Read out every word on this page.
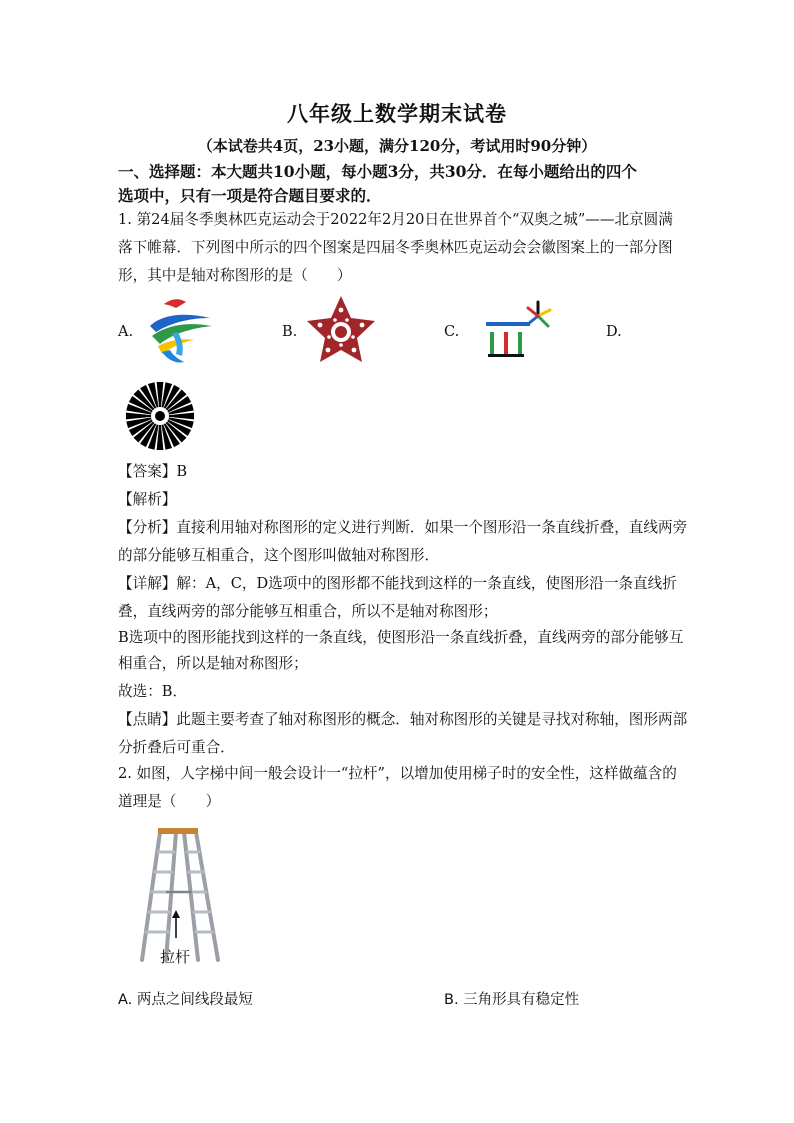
八年级上数学期末试卷
（本试卷共4页，23小题，满分120分，考试用时90分钟）
一、选择题：本大题共10小题，每小题3分，共30分．在每小题给出的四个
选项中，只有一项是符合题目要求的．
1. 第24届冬季奥林匹克运动会于2022年2月20日在世界首个“双奥之城”——北京圆满
落下帷幕．下列图中所示的四个图案是四届冬季奥林匹克运动会会徽图案上的一部分图
形，其中是轴对称图形的是（　　）
A.	B.	C.	D.
【答案】B
【解析】
【分析】直接利用轴对称图形的定义进行判断．如果一个图形沿一条直线折叠，直线两旁
的部分能够互相重合，这个图形叫做轴对称图形．
【详解】解：A，C，D选项中的图形都不能找到这样的一条直线，使图形沿一条直线折
叠，直线两旁的部分能够互相重合，所以不是轴对称图形；
B选项中的图形能找到这样的一条直线，使图形沿一条直线折叠，直线两旁的部分能够互
相重合，所以是轴对称图形；
故选：B．
【点睛】此题主要考查了轴对称图形的概念．轴对称图形的关键是寻找对称轴，图形两部
分折叠后可重合．
2. 如图，人字梯中间一般会设计一“拉杆”，以增加使用梯子时的安全性，这样做蕴含的
道理是（　　）
拉杆
A. 两点之间线段最短	B. 三角形具有稳定性
